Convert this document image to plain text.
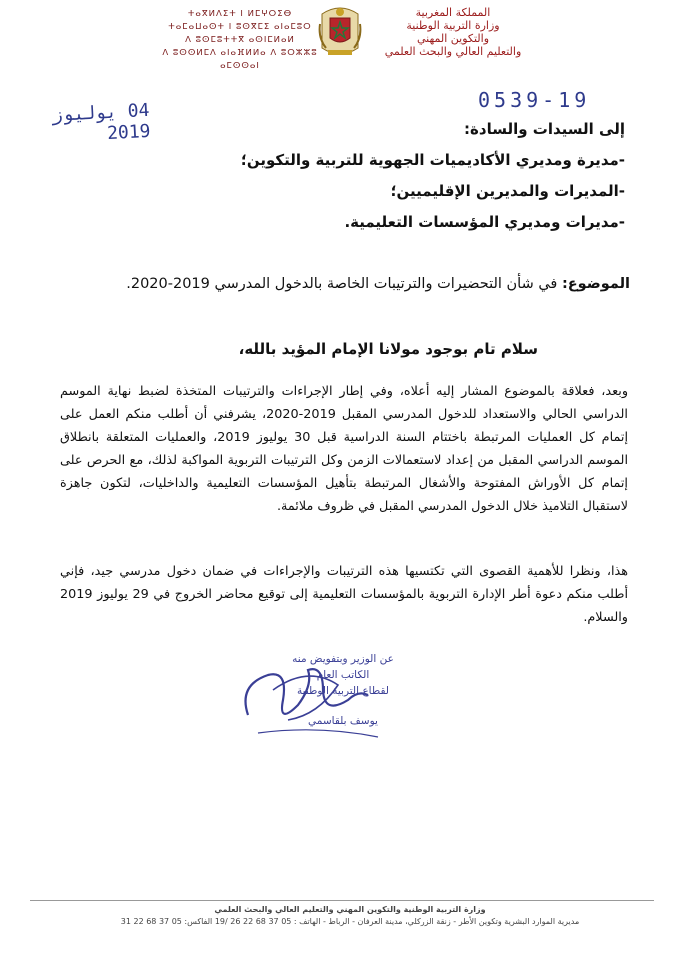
ⵜⴰⴳⵍⴷⵉⵜ ⵏ ⵍⵎⵖⵔⵉⴱ
ⵜⴰⵎⴰⵡⴰⵙⵜ ⵏ ⵓⵙⴳⵎⵉ ⴰⵏⴰⵎⵓⵔ
ⴷ ⵓⵙⵎⵓⵜⵜⴳ ⴰⵙⵏⵎⵍⴰⵍ
ⴷ ⵓⵙⵙⵍⵎⴷ ⴰⵏⴰⴼⵍⵍⴰ ⴷ ⵓⵔⵣⵣⵓ ⴰⵎⵙⵙⴰⵏ
المملكة المغربية
وزارة التربية الوطنية
والتكوين المهني
والتعليم العالي والبحث العلمي
0539-19
04 يوليوز 2019	إلى السيدات والسادة:
-مديرة ومديري الأكاديميات الجهوية للتربية والتكوين؛
-المديرات والمديرين الإقليميين؛
-مديرات ومديري المؤسسات التعليمية.
الموضوع: في شأن التحضيرات والترتيبات الخاصة بالدخول المدرسي 2019-2020.
سلام تام بوجود مولانا الإمام المؤيد بالله،
وبعد، فعلاقة بالموضوع المشار إليه أعلاه، وفي إطار الإجراءات والترتيبات المتخذة لضبط نهاية الموسم الدراسي الحالي والاستعداد للدخول المدرسي المقبل 2019-2020، يشرفني أن أطلب منكم العمل على إتمام كل العمليات المرتبطة باختتام السنة الدراسية قبل 30 يوليوز 2019، والعمليات المتعلقة بانطلاق الموسم الدراسي المقبل من إعداد لاستعمالات الزمن وكل الترتيبات التربوية المواكبة لذلك، مع الحرص على إتمام كل الأوراش المفتوحة والأشغال المرتبطة بتأهيل المؤسسات التعليمية والداخليات، لتكون جاهزة لاستقبال التلاميذ خلال الدخول المدرسي المقبل في ظروف ملائمة.
هذا، ونظرا للأهمية القصوى التي تكتسيها هذه الترتيبات والإجراءات في ضمان دخول مدرسي جيد، فإني أطلب منكم دعوة أطر الإدارة التربوية بالمؤسسات التعليمية إلى توقيع محاضر الخروج في 29 يوليوز 2019 والسلام.
عن الوزير وبتفويض منه
الكاتب العام
لقطاع التربية الوطنية
يوسف بلقاسمي
وزارة التربية الوطنية والتكوين المهني والتعليم العالي والبحث العلمي
مديرية الموارد البشرية وتكوين الأطر - زنقة الزركلي، مدينة العرفان - الرباط - الهاتف : 05 37 68 22 26 /19 الفاكس: 05 37 68 22 31
